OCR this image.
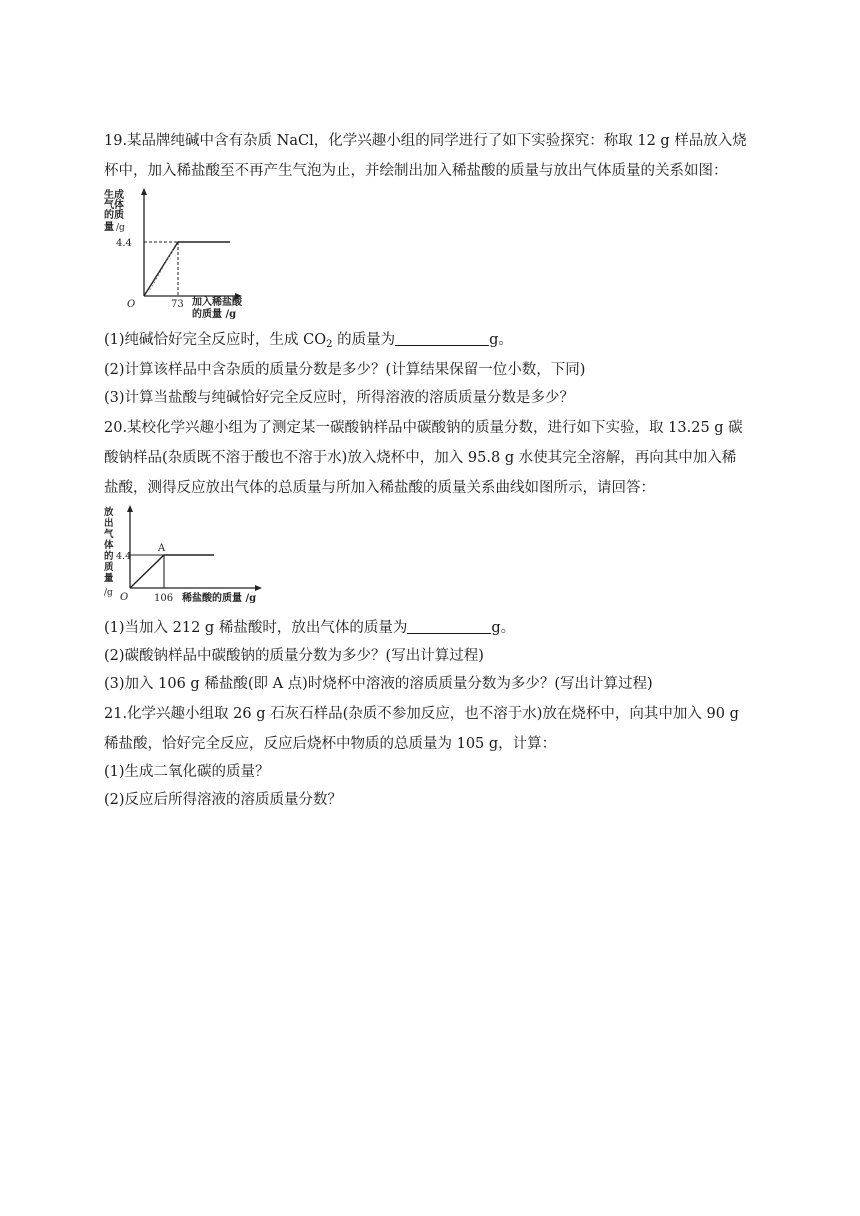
19.某品牌纯碱中含有杂质 NaCl，化学兴趣小组的同学进行了如下实验探究：称取 12 g 样品放入烧
杯中，加入稀盐酸至不再产生气泡为止，并绘制出加入稀盐酸的质量与放出气体质量的关系如图：
生成
气体
的质
量 /g
4.4
O	73 加入稀盐酸
的质量 /g
(1)纯碱恰好完全反应时，生成 $CO_2$ 的质量为	g。
(2)计算该样品中含杂质的质量分数是多少？(计算结果保留一位小数，下同)
(3)计算当盐酸与纯碱恰好完全反应时，所得溶液的溶质质量分数是多少？
20.某校化学兴趣小组为了测定某一碳酸钠样品中碳酸钠的质量分数，进行如下实验，取 13.25 g 碳
酸钠样品(杂质既不溶于酸也不溶于水)放入烧杯中，加入 95.8 g 水使其完全溶解，再向其中加入稀
盐酸，测得反应放出气体的总质量与所加入稀盐酸的质量关系曲线如图所示，请回答：
放
出
气
体
的
质
量
/g
4.4
A
O	106 稀盐酸的质量 /g
(1)当加入 212 g 稀盐酸时，放出气体的质量为	g。
(2)碳酸钠样品中碳酸钠的质量分数为多少？(写出计算过程)
(3)加入 106 g 稀盐酸(即 A 点)时烧杯中溶液的溶质质量分数为多少？(写出计算过程)
21.化学兴趣小组取 26 g 石灰石样品(杂质不参加反应，也不溶于水)放在烧杯中，向其中加入 90 g
稀盐酸，恰好完全反应，反应后烧杯中物质的总质量为 105 g，计算：
(1)生成二氧化碳的质量？
(2)反应后所得溶液的溶质质量分数？
